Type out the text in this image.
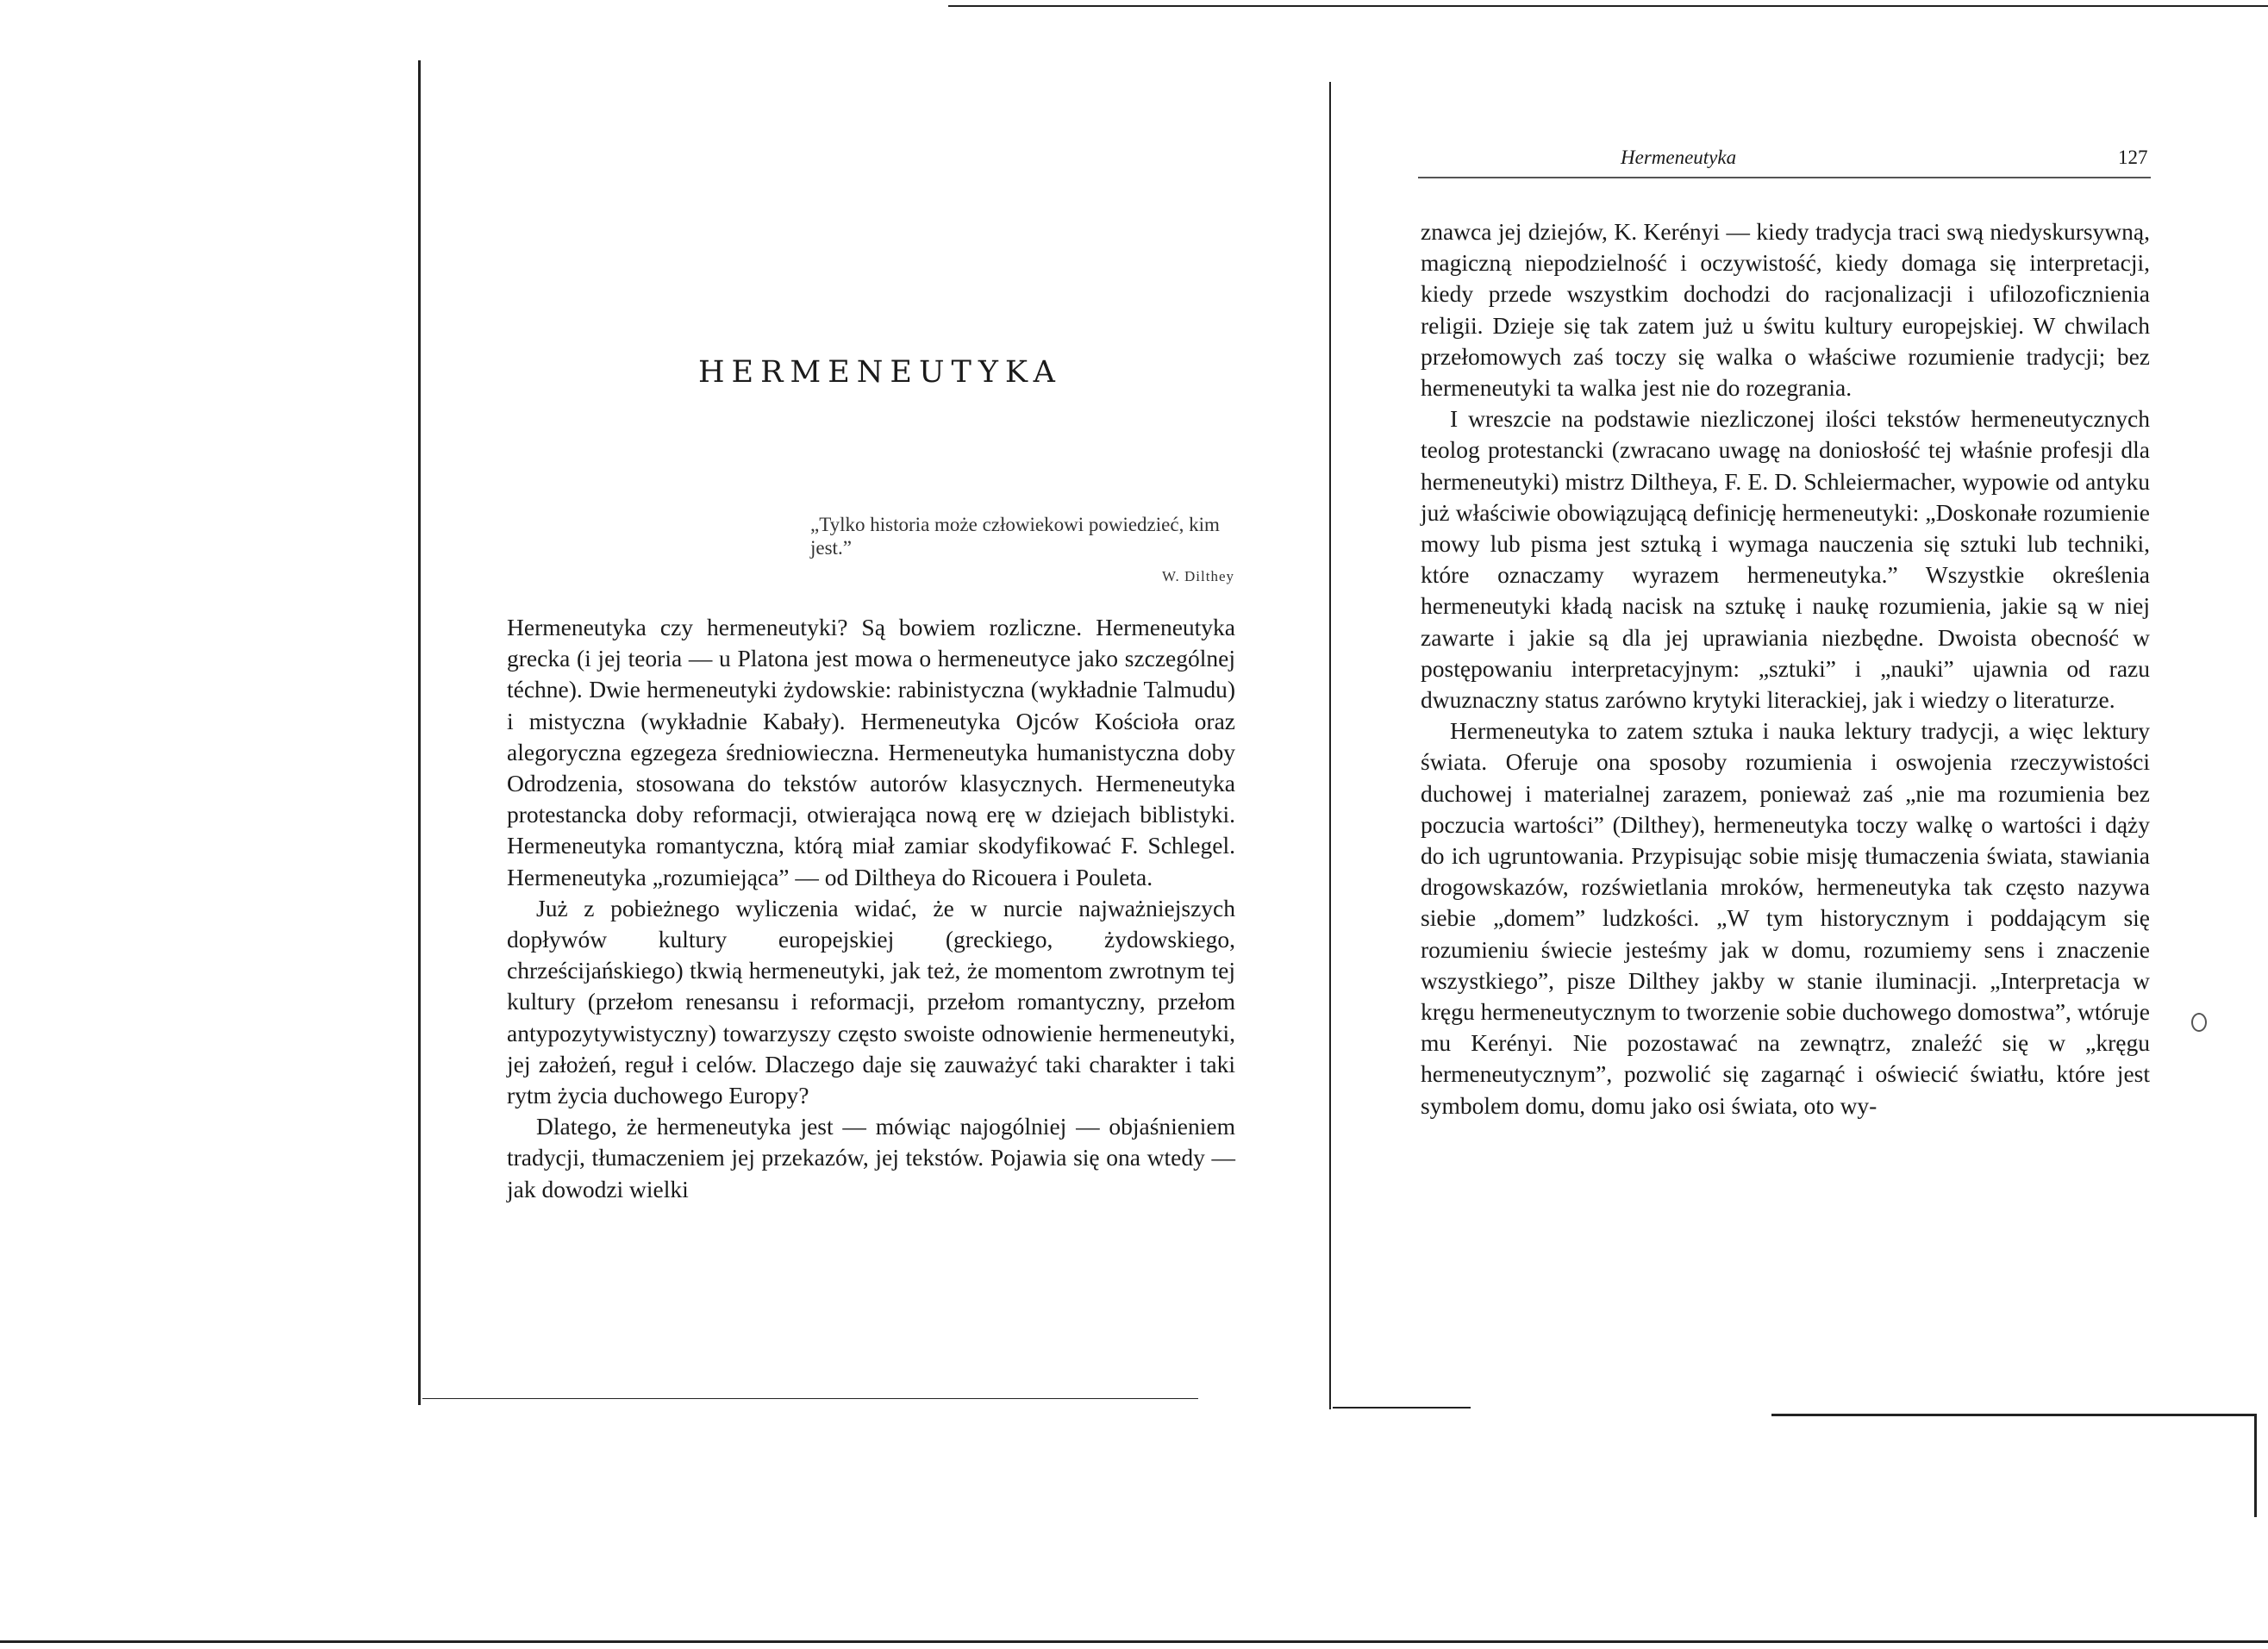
HERMENEUTYKA
„Tylko historia może człowiekowi powiedzieć, kim jest.”
W. Dilthey

Hermeneutyka czy hermeneutyki? Są bowiem rozliczne. Hermeneutyka grecka (i jej teoria — u Platona jest mowa o hermeneutyce jako szczególnej téchne). Dwie hermeneutyki żydowskie: rabinistyczna (wykładnie Talmudu) i mistyczna (wykładnie Kabały). Hermeneutyka Ojców Kościoła oraz alegoryczna egzegeza średniowieczna. Hermeneutyka humanistyczna doby Odrodzenia, stosowana do tekstów autorów klasycznych. Hermeneutyka protestancka doby reformacji, otwierająca nową erę w dziejach biblistyki. Hermeneutyka romantyczna, którą miał zamiar skodyfikować F. Schlegel. Hermeneutyka „rozumiejąca” — od Diltheya do Ricouera i Pouleta.

Już z pobieżnego wyliczenia widać, że w nurcie najważniejszych dopływów kultury europejskiej (greckiego, żydowskiego, chrześcijańskiego) tkwią hermeneutyki, jak też, że momentom zwrotnym tej kultury (przełom renesansu i reformacji, przełom romantyczny, przełom antypozytywistyczny) towarzyszy często swoiste odnowienie hermeneutyki, jej założeń, reguł i celów. Dlaczego daje się zauważyć taki charakter i taki rytm życia duchowego Europy?

Dlatego, że hermeneutyka jest — mówiąc najogólniej — objaśnieniem tradycji, tłumaczeniem jej przekazów, jej tekstów. Pojawia się ona wtedy — jak dowodzi wielki

Hermeneutyka	127

znawca jej dziejów, K. Kerényi — kiedy tradycja traci swą niedyskursywną, magiczną niepodzielność i oczywistość, kiedy domaga się interpretacji, kiedy przede wszystkim dochodzi do racjonalizacji i ufilozoficznienia religii. Dzieje się tak zatem już u świtu kultury europejskiej. W chwilach przełomowych zaś toczy się walka o właściwe rozumienie tradycji; bez hermeneutyki ta walka jest nie do rozegrania.

I wreszcie na podstawie niezliczonej ilości tekstów hermeneutycznych teolog protestancki (zwracano uwagę na doniosłość tej właśnie profesji dla hermeneutyki) mistrz Diltheya, F. E. D. Schleiermacher, wypowie od antyku już właściwie obowiązującą definicję hermeneutyki: „Doskonałe rozumienie mowy lub pisma jest sztuką i wymaga nauczenia się sztuki lub techniki, które oznaczamy wyrazem hermeneutyka.” Wszystkie określenia hermeneutyki kładą nacisk na sztukę i naukę rozumienia, jakie są w niej zawarte i jakie są dla jej uprawiania niezbędne. Dwoista obecność w postępowaniu interpretacyjnym: „sztuki” i „nauki” ujawnia od razu dwuznaczny status zarówno krytyki literackiej, jak i wiedzy o literaturze.

Hermeneutyka to zatem sztuka i nauka lektury tradycji, a więc lektury świata. Oferuje ona sposoby rozumienia i oswojenia rzeczywistości duchowej i materialnej zarazem, ponieważ zaś „nie ma rozumienia bez poczucia wartości” (Dilthey), hermeneutyka toczy walkę o wartości i dąży do ich ugruntowania. Przypisując sobie misję tłumaczenia świata, stawiania drogowskazów, rozświetlania mroków, hermeneutyka tak często nazywa siebie „domem” ludzkości. „W tym historycznym i poddającym się rozumieniu świecie jesteśmy jak w domu, rozumiemy sens i znaczenie wszystkiego”, pisze Dilthey jakby w stanie iluminacji. „Interpretacja w kręgu hermeneutycznym to tworzenie sobie duchowego domostwa”, wtóruje mu Kerényi. Nie pozostawać na zewnątrz, znaleźć się w „kręgu hermeneutycznym”, pozwolić się zagarnąć i oświecić światłu, które jest symbolem domu, domu jako osi świata, oto wy-
